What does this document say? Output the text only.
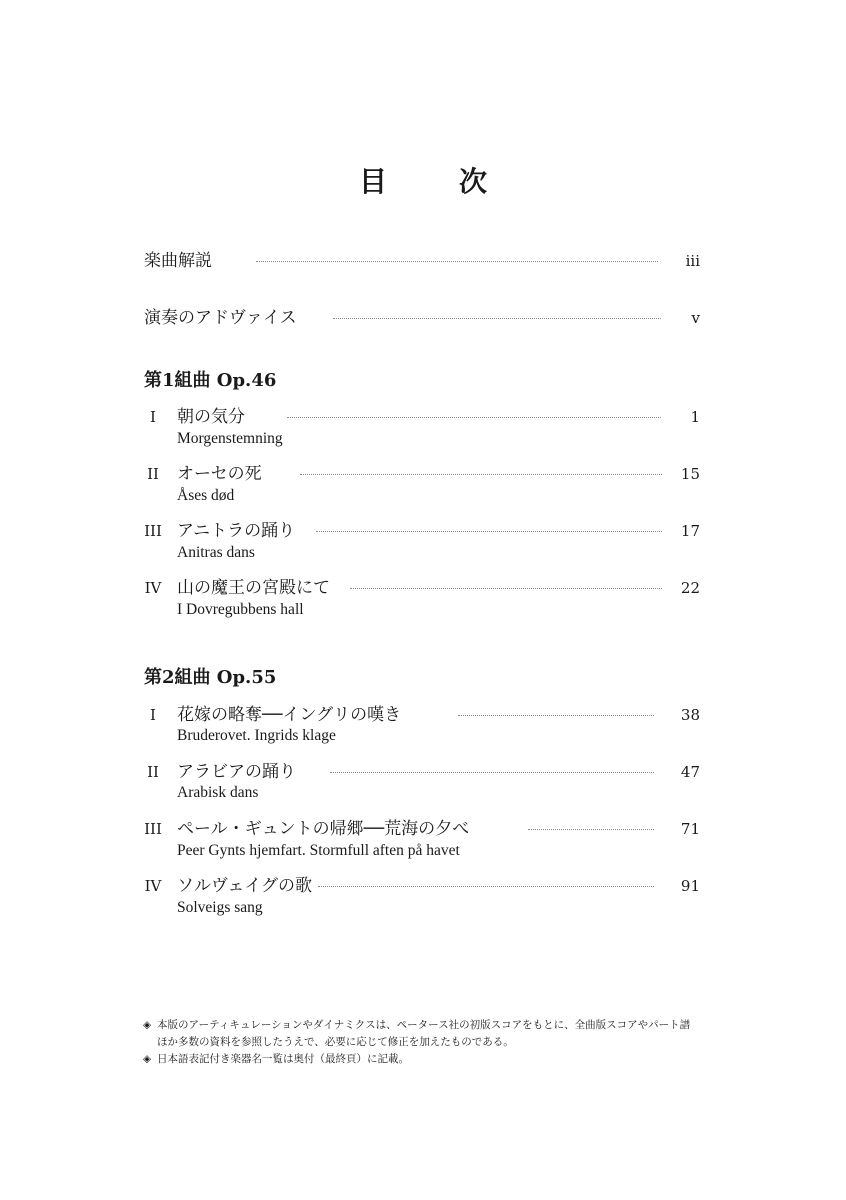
目　次
楽曲解説	iii
演奏のアドヴァイス	v
第1組曲 Op.46
I	朝の気分	1
Morgenstemning
II	オーセの死	15
Åses død
III アニトラの踊り	17
Anitras dans
IV 山の魔王の宮殿にて	22
I Dovregubbens hall
第2組曲 Op.55
I	花嫁の略奪──イングリの嘆き	38
Bruderovet. Ingrids klage
II	アラビアの踊り	47
Arabisk dans
III ペール・ギュントの帰郷──荒海の夕べ	71
Peer Gynts hjemfart. Stormfull aften på havet
IV ソルヴェイグの歌	91
Solveigs sang
◈ 本版のアーティキュレーションやダイナミクスは、ペータース社の初版スコアをもとに、全曲版スコアやパート譜
ほか多数の資料を参照したうえで、必要に応じて修正を加えたものである。
◈ 日本語表記付き楽器名一覧は奥付（最終頁）に記載。
